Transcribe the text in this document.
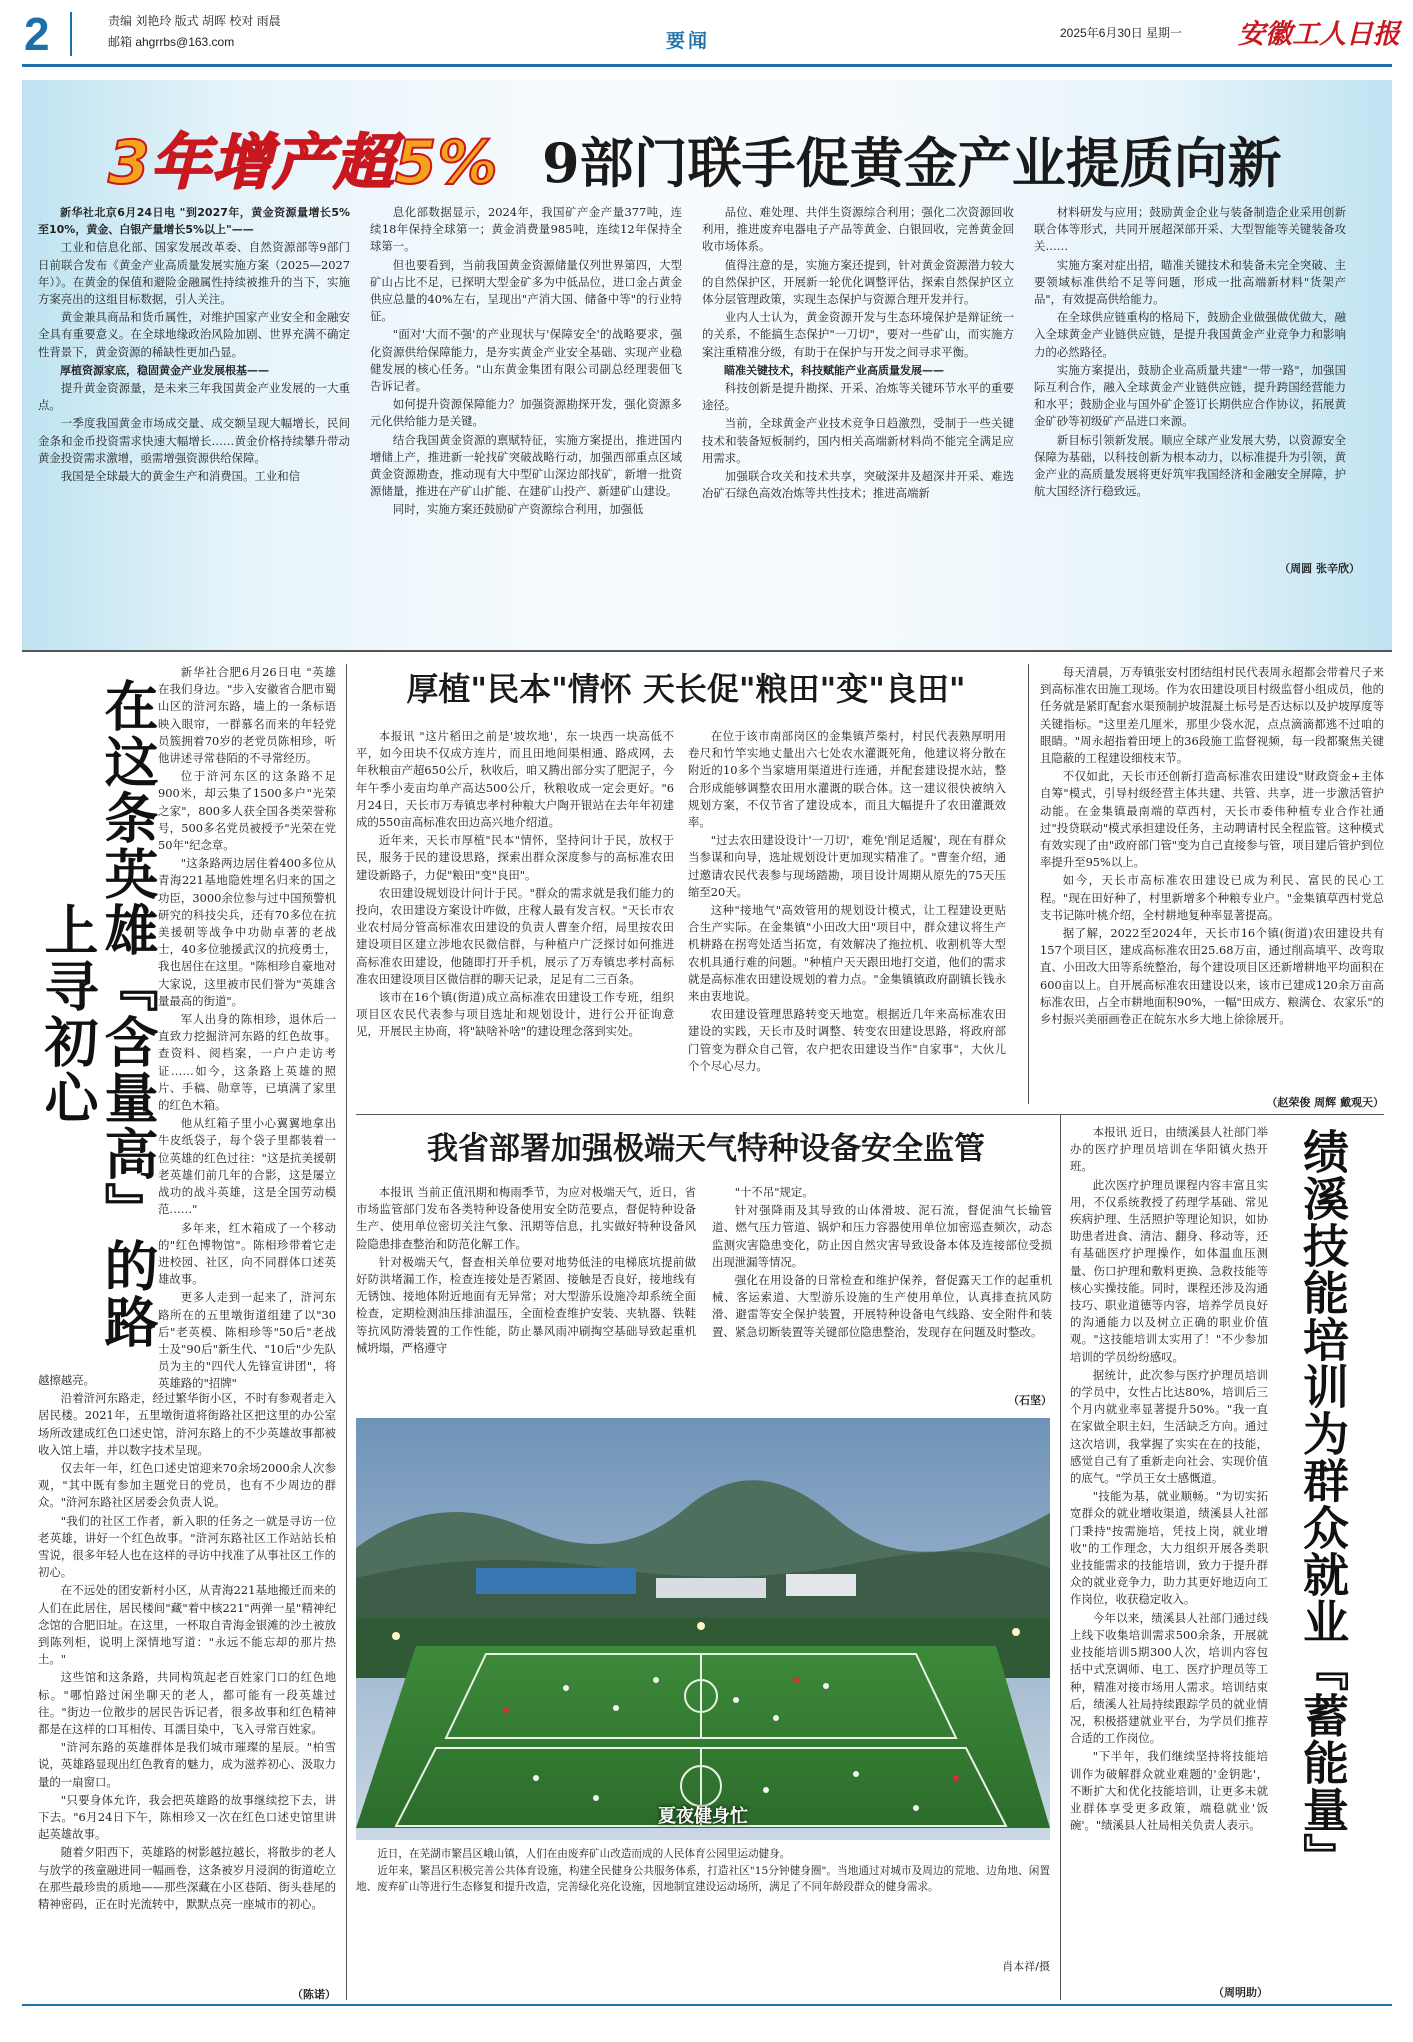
2	责编 刘艳玲 版式 胡晖 校对 雨晨
邮箱 ahgrrbs@163.com	要闻	2025年6月30日 星期一 安徽工人日报
3年增产超5% 9部门联手促黄金产业提质向新

新华社北京6月24日电 "到2027年，黄金资源量增长5%至10%，黄金、白银产量增长5%以上"——

工业和信息化部、国家发展改革委、自然资源部等9部门日前联合发布《黄金产业高质量发展实施方案（2025—2027年）》。在黄金的保值和避险金融属性持续被推升的当下，实施方案亮出的这组目标数据，引人关注。

黄金兼具商品和货币属性，对维护国家产业安全和金融安全具有重要意义。在全球地缘政治风险加剧、世界充满不确定性背景下，黄金资源的稀缺性更加凸显。

厚植资源家底，稳固黄金产业发展根基——

提升黄金资源量，是未来三年我国黄金产业发展的一大重点。

一季度我国黄金市场成交量、成交额呈现大幅增长，民间金条和金币投资需求快速大幅增长……黄金价格持续攀升带动黄金投资需求激增，亟需增强资源供给保障。

我国是全球最大的黄金生产和消费国。工业和信

息化部数据显示，2024年，我国矿产金产量377吨，连续18年保持全球第一；黄金消费量985吨，连续12年保持全球第一。

但也要看到，当前我国黄金资源储量仅列世界第四，大型矿山占比不足，已探明大型金矿多为中低品位，进口金占黄金供应总量的40%左右，呈现出"产消大国、储备中等"的行业特征。

"面对'大而不强'的产业现状与'保障安全'的战略要求，强化资源供给保障能力，是夯实黄金产业安全基础、实现产业稳健发展的核心任务。"山东黄金集团有限公司副总经理裴佃飞告诉记者。

如何提升资源保障能力？加强资源勘探开发，强化资源多元化供给能力是关键。

结合我国黄金资源的禀赋特征，实施方案提出，推进国内增储上产，推进新一轮找矿突破战略行动，加强西部重点区域黄金资源勘查，推动现有大中型矿山深边部找矿，新增一批资源储量，推进在产矿山扩能、在建矿山投产、新建矿山建设。

同时，实施方案还鼓励矿产资源综合利用，加强低

品位、难处理、共伴生资源综合利用；强化二次资源回收利用，推进废弃电器电子产品等黄金、白银回收，完善黄金回收市场体系。

值得注意的是，实施方案还提到，针对黄金资源潜力较大的自然保护区，开展新一轮优化调整评估，探索自然保护区立体分层管理政策，实现生态保护与资源合理开发并行。

业内人士认为，黄金资源开发与生态环境保护是辩证统一的关系，不能搞生态保护"一刀切"，要对一些矿山，而实施方案注重精准分级，有助于在保护与开发之间寻求平衡。

瞄准关键技术，科技赋能产业高质量发展——

科技创新是提升勘探、开采、冶炼等关键环节水平的重要途径。

当前，全球黄金产业技术竞争日趋激烈，受制于一些关键技术和装备短板制约，国内相关高端新材料尚不能完全满足应用需求。

加强联合攻关和技术共享，突破深井及超深井开采、难选冶矿石绿色高效冶炼等共性技术；推进高端新

材料研发与应用；鼓励黄金企业与装备制造企业采用创新联合体等形式，共同开展超深部开采、大型智能等关键装备攻关……

实施方案对症出招，瞄准关键技术和装备未完全突破、主要领域标准供给不足等问题，形成一批高端新材料"货架产品"，有效提高供给能力。

在全球供应链重构的格局下，鼓励企业做强做优做大，融入全球黄金产业链供应链，是提升我国黄金产业竞争力和影响力的必然路径。

实施方案提出，鼓励企业高质量共建"一带一路"，加强国际互利合作，融入全球黄金产业链供应链，提升跨国经营能力和水平；鼓励企业与国外矿企签订长期供应合作协议，拓展黄金矿砂等初级矿产品进口来源。

新目标引领新发展。顺应全球产业发展大势，以资源安全保障为基础，以科技创新为根本动力，以标准提升为引领，黄金产业的高质量发展将更好筑牢我国经济和金融安全屏障，护航大国经济行稳致远。

（周圆 张辛欣）
在这条英雄『含量高』的路上寻初心

新华社合肥6月26日电 "英雄在我们身边。"步入安徽省合肥市蜀山区的浒河东路，墙上的一条标语映入眼帘，一群慕名而来的年轻党员簇拥着70岁的老党员陈相珍，听他讲述寻常巷陌的不寻常经历。

位于浒河东区的这条路不足900米，却云集了1500多户"光荣之家"，800多人获全国各类荣誉称号，500多名党员被授予"光荣在党50年"纪念章。

"这条路两边居住着400多位从青海221基地隐姓埋名归来的国之功臣，3000余位参与过中国预警机研究的科技尖兵，还有70多位在抗美援朝等战争中功勋卓著的老战士，40多位驰援武汉的抗疫勇士，我也居住在这里。"陈相珍自豪地对大家说，这里被市民们誉为"英雄含量最高的街道"。

军人出身的陈相珍，退休后一直致力挖掘浒河东路的红色故事。查资料、阅档案，一户户走访考证……如今，这条路上英雄的照片、手稿、勋章等，已填满了家里的红色木箱。

他从红箱子里小心翼翼地拿出牛皮纸袋子，每个袋子里都装着一位英雄的红色过往："这是抗美援朝老英雄们前几年的合影，这是屡立战功的战斗英雄，这是全国劳动模范……"

多年来，红木箱成了一个移动的"红色博物馆"。陈相珍带着它走进校园、社区，向不同群体口述英雄故事。

更多人走到一起来了，浒河东路所在的五里墩街道组建了以"30后"老英模、陈相珍等"50后"老战士及"90后"新生代、"10后"少先队员为主的"四代人先锋宣讲团"，将英雄路的"招牌"

越擦越亮。

沿着浒河东路走，经过繁华街小区，不时有参观者走入居民楼。2021年，五里墩街道将街路社区把这里的办公室场所改建成红色口述史馆，浒河东路上的不少英雄故事都被收入馆上墙，并以数字技术呈现。

仅去年一年，红色口述史馆迎来70余场2000余人次参观，"其中既有参加主题党日的党员，也有不少周边的群众。"浒河东路社区居委会负责人说。

"我们的社区工作者，新入职的任务之一就是寻访一位老英雄，讲好一个红色故事。"浒河东路社区工作站站长柏雪说，很多年轻人也在这样的寻访中找准了从事社区工作的初心。

在不远处的团安新村小区，从青海221基地搬迁而来的人们在此居住，居民楼间"藏"着中核221"两弹一星"精神纪念馆的合肥旧址。在这里，一杯取自青海金银滩的沙土被放到陈列柜，说明上深情地写道："永远不能忘却的那片热土。"

这些馆和这条路，共同构筑起老百姓家门口的红色地标。"哪怕路过闲坐聊天的老人，都可能有一段英雄过往。"街边一位散步的居民告诉记者，很多故事和红色精神都是在这样的口耳相传、耳濡目染中，飞入寻常百姓家。

"浒河东路的英雄群体是我们城市璀璨的星辰。"柏雪说，英雄路显现出红色教育的魅力，成为滋养初心、汲取力量的一扇窗口。

"只要身体允许，我会把英雄路的故事继续挖下去，讲下去。"6月24日下午，陈相珍又一次在红色口述史馆里讲起英雄故事。

随着夕阳西下，英雄路的树影越拉越长，将散步的老人与放学的孩童融进同一幅画卷，这条被岁月浸润的街道屹立在那些最珍贵的质地——那些深藏在小区巷陌、街头巷尾的精神密码，正在时光流转中，默默点亮一座城市的初心。

（陈诺）
厚植"民本"情怀 天长促"粮田"变"良田"

本报讯 "这片稻田之前是'坡坎地'，东一块西一块高低不平，如今田块不仅成方连片，而且田地间渠相通、路成网，去年秋粮亩产超650公斤，秋收后，咱又腾出部分实了肥泥子，今年午季小麦亩均单产高达500公斤，秋粮收成一定会更好。"6月24日，天长市万寿镇忠孝村种粮大户陶开银站在去年年初建成的550亩高标准农田边高兴地介绍道。

近年来，天长市厚植"民本"情怀，坚持问计于民，放权于民，服务于民的建设思路，探索出群众深度参与的高标准农田建设新路子，力促"粮田"变"良田"。

农田建设规划设计问计于民。"群众的需求就是我们能力的投向，农田建设方案设计咋做，庄稼人最有发言权。"天长市农业农村局分管高标准农田建设的负责人曹奎介绍，局里按农田建设项目区建立涉地农民微信群，与种植户广泛探讨如何推进高标准农田建设，他随即打开手机，展示了万寿镇忠孝村高标准农田建设项目区微信群的聊天记录，足足有二三百条。

该市在16个镇(街道)成立高标准农田建设工作专班，组织项目区农民代表参与项目选址和规划设计，进行公开征询意见，开展民主协商，将"缺啥补啥"的建设理念落到实处。

在位于该市南部岗区的金集镇芦柴村，村民代表熟厚明用卷尺和竹竿实地丈量出六七处农水灌溉死角，他建议将分散在附近的10多个当家塘用渠道进行连通，并配套建设提水站，整合形成能够调整农田用水灌溉的联合体。这一建议很快被纳入规划方案，不仅节省了建设成本，而且大幅提升了农田灌溉效率。

"过去农田建设设计'一刀切'，难免'削足适履'，现在有群众当参谋和向导，选址规划设计更加现实精准了。"曹奎介绍，通过邀请农民代表参与现场踏勘，项目设计周期从原先的75天压缩至20天。

这种"接地气"高效管用的规划设计模式，让工程建设更贴合生产实际。在金集镇"小田改大田"项目中，群众建议将生产机耕路在拐弯处适当拓宽，有效解决了拖拉机、收割机等大型农机具通行难的问题。"种植户天天跟田地打交道，他们的需求就是高标准农田建设规划的着力点。"金集镇镇政府副镇长钱永来由衷地说。

农田建设管理思路转变天地宽。根据近几年来高标准农田建设的实践，天长市及时调整、转变农田建设思路，将政府部门管变为群众自己管，农户把农田建设当作"自家事"，大伙儿个个尽心尽力。

每天清晨，万寿镇张安村团结组村民代表周永超都会带着尺子来到高标准农田施工现场。作为农田建设项目村级监督小组成员，他的任务就是紧盯配套水渠预制护坡混凝土标号是否达标以及护坡厚度等关键指标。"这里差几厘米，那里少袋水泥，点点滴滴都逃不过咱的眼睛。"周永超指着田埂上的36段施工监督视频，每一段都聚焦关键且隐蔽的工程建设细枝末节。

不仅如此，天长市还创新打造高标准农田建设"财政资金+主体自筹"模式，引导村级经营主体共建、共管、共享，进一步激活管护动能。在金集镇最南端的草西村，天长市委伟种植专业合作社通过"投贷联动"模式承担建设任务，主动聘请村民全程监管。这种模式有效实现了由"政府部门管"变为自己直接参与管，项目建后管护到位率提升至95%以上。

如今，天长市高标准农田建设已成为利民、富民的民心工程。"现在田好种了，村里新增多个种粮专业户。"金集镇草西村党总支书记陈叶桃介绍，全村耕地复种率显著提高。

据了解，2022至2024年，天长市16个镇(街道)农田建设共有157个项目区，建成高标准农田25.68万亩，通过削高填平、改弯取直、小田改大田等系统整治，每个建设项目区还新增耕地平均面积在600亩以上。自开展高标准农田建设以来，该市已建成120余万亩高标准农田，占全市耕地面积90%，一幅"田成方、粮满仓、农家乐"的乡村振兴美丽画卷正在皖东水乡大地上徐徐展开。

（赵荣俊 周辉 戴观天）
我省部署加强极端天气特种设备安全监管

本报讯 当前正值汛期和梅雨季节，为应对极端天气，近日，省市场监管部门发布各类特种设备使用安全防范要点，督促特种设备生产、使用单位密切关注气象、汛期等信息，扎实做好特种设备风险隐患排查整治和防范化解工作。

针对极端天气，督查相关单位要对地势低洼的电梯底坑提前做好防洪堵漏工作，检查连接处是否紧固、接触是否良好，接地线有无锈蚀、接地体附近地面有无异常；对大型游乐设施冷却系统全面检查，定期检测油压排油温压，全面检查维护安装、夹轨器、铁鞋等抗风防滑装置的工作性能，防止暴风雨冲刷掏空基础导致起重机械坍塌，严格遵守

"十不吊"规定。

针对强降雨及其导致的山体滑坡、泥石流，督促油气长输管道、燃气压力管道、锅炉和压力容器使用单位加密巡查频次，动态监测灾害隐患变化，防止因自然灾害导致设备本体及连接部位受损出现泄漏等情况。

强化在用设备的日常检查和维护保养，督促露天工作的起重机械、客运索道、大型游乐设施的生产使用单位，认真排查抗风防滑、避雷等安全保护装置，开展特种设备电气线路、安全附件和装置、紧急切断装置等关键部位隐患整治，发现存在问题及时整改。

（石坚）
夏夜健身忙

近日，在芜湖市繁昌区峨山镇，人们在由废弃矿山改造而成的人民体育公园里运动健身。

近年来，繁昌区积极完善公共体育设施，构建全民健身公共服务体系，打造社区"15分钟健身圈"。当地通过对城市及周边的荒地、边角地、闲置地、废弃矿山等进行生态修复和提升改造，完善绿化亮化设施，因地制宜建设运动场所，满足了不同年龄段群众的健身需求。

肖本祥/摄

本报讯 近日，由绩溪县人社部门举办的医疗护理员培训在华阳镇火热开班。

此次医疗护理员课程内容丰富且实用，不仅系统教授了药理学基础、常见疾病护理、生活照护等理论知识，如协助患者进食、清洁、翻身、移动等，还有基础医疗护理操作，如体温血压测量、伤口护理和敷料更换、急救技能等核心实操技能。同时，课程还涉及沟通技巧、职业道德等内容，培养学员良好的沟通能力以及树立正确的职业价值观。"这技能培训太实用了！"不少参加培训的学员纷纷感叹。

据统计，此次参与医疗护理员培训的学员中，女性占比达80%，培训后三个月内就业率显著提升50%。"我一直在家做全职主妇，生活缺乏方向。通过这次培训，我掌握了实实在在的技能，感觉自己有了重新走向社会、实现价值的底气。"学员王女士感慨道。

"技能为基，就业顺畅。"为切实拓宽群众的就业增收渠道，绩溪县人社部门秉持"按需施培，凭技上岗，就业增收"的工作理念，大力组织开展各类职业技能需求的技能培训，致力于提升群众的就业竞争力，助力其更好地迈向工作岗位，收获稳定收入。

今年以来，绩溪县人社部门通过线上线下收集培训需求500余条，开展就业技能培训5期300人次，培训内容包括中式烹调师、电工、医疗护理员等工种，精准对接市场用人需求。培训结束后，绩溪人社局持续跟踪学员的就业情况，积极搭建就业平台，为学员们推荐合适的工作岗位。

"下半年，我们继续坚持将技能培训作为破解群众就业难题的'金钥匙'，不断扩大和优化技能培训，让更多未就业群体享受更多政策，端稳就业'饭碗'。"绩溪县人社局相关负责人表示。

（周明助）
绩溪技能培训为群众就业『蓄能量』
